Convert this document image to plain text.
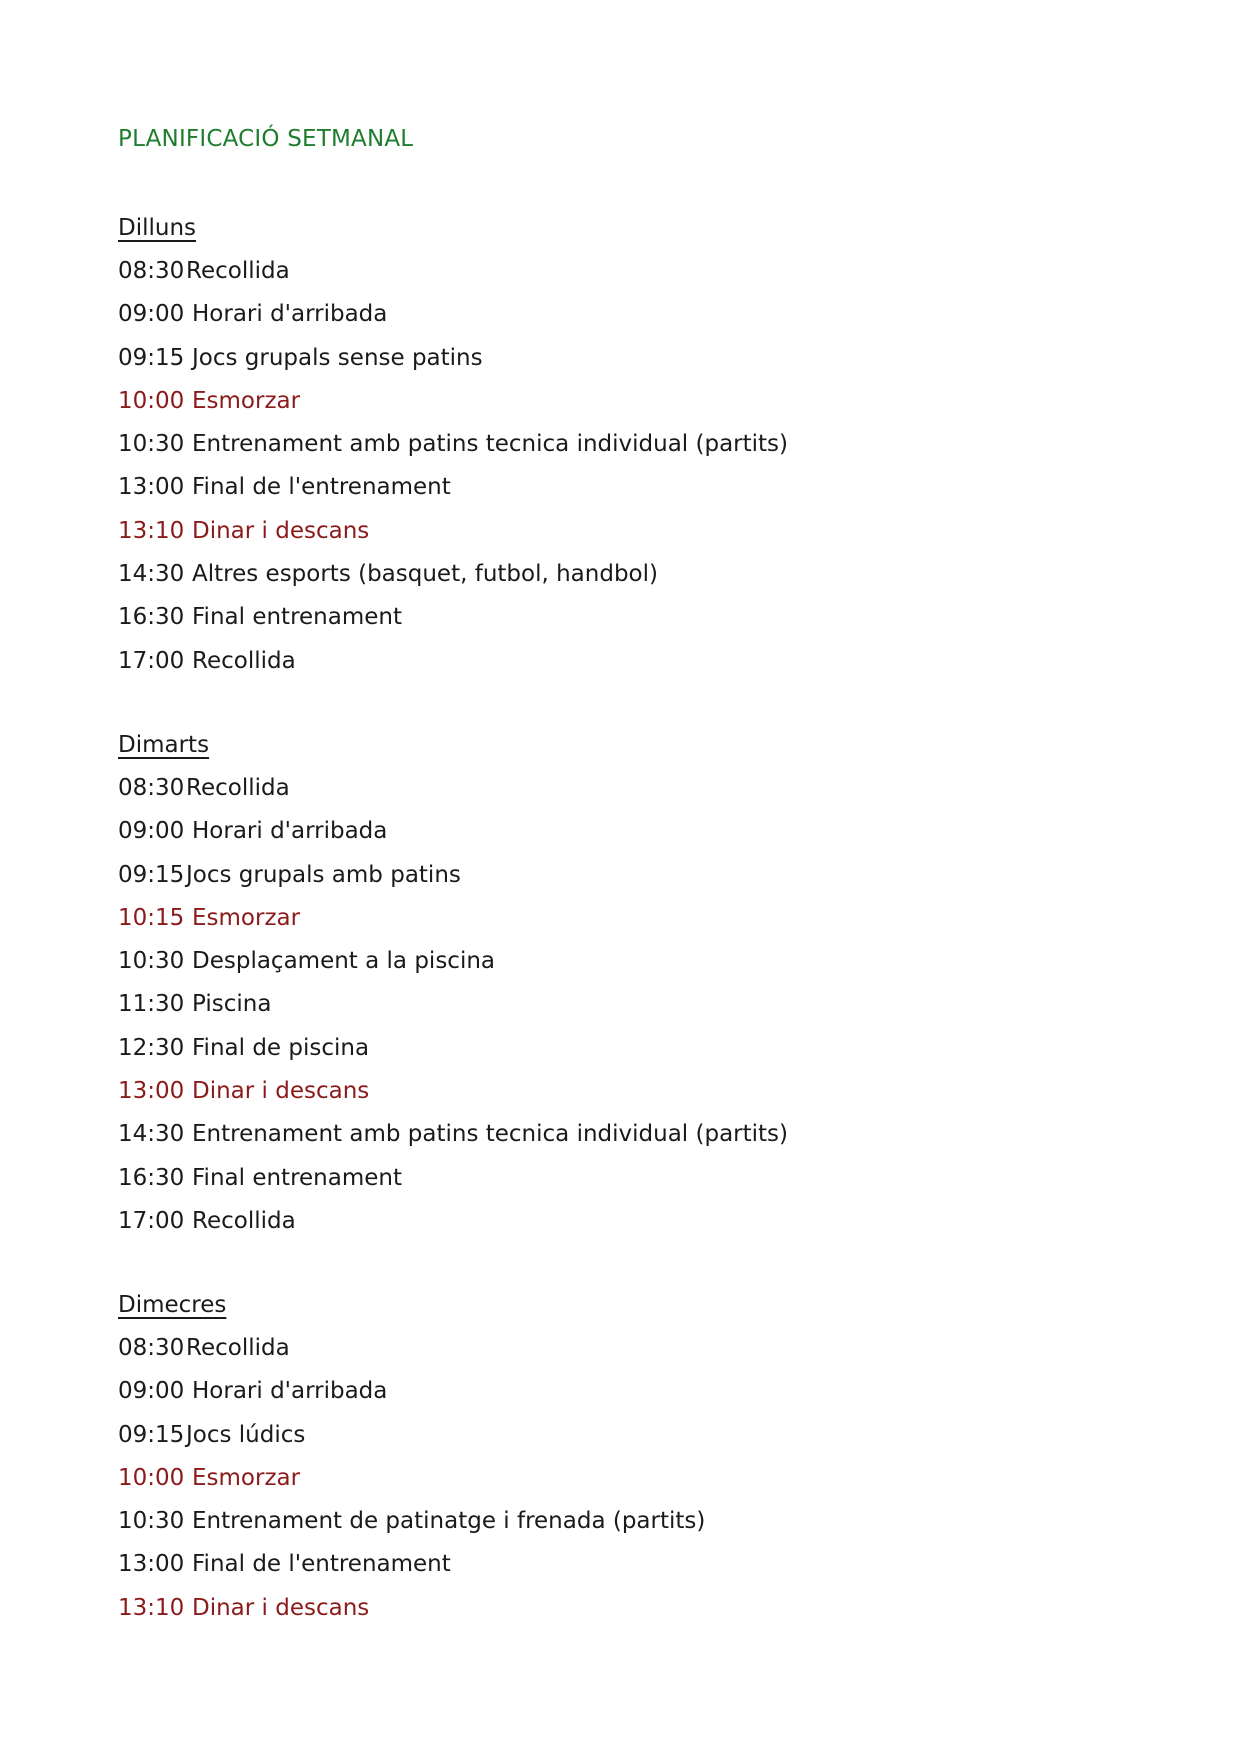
PLANIFICACIÓ SETMANAL
Dilluns
08:30Recollida
09:00 Horari d'arribada
09:15 Jocs grupals sense patins
10:00 Esmorzar
10:30 Entrenament amb patins tecnica individual (partits)
13:00 Final de l'entrenament
13:10 Dinar i descans
14:30 Altres esports (basquet, futbol, handbol)
16:30 Final entrenament
17:00 Recollida
Dimarts
08:30Recollida
09:00 Horari d'arribada
09:15Jocs grupals amb patins
10:15 Esmorzar
10:30 Desplaçament a la piscina
11:30 Piscina
12:30 Final de piscina
13:00 Dinar i descans
14:30 Entrenament amb patins tecnica individual (partits)
16:30 Final entrenament
17:00 Recollida
Dimecres
08:30Recollida
09:00 Horari d'arribada
09:15Jocs lúdics
10:00 Esmorzar
10:30 Entrenament de patinatge i frenada (partits)
13:00 Final de l'entrenament
13:10 Dinar i descans
